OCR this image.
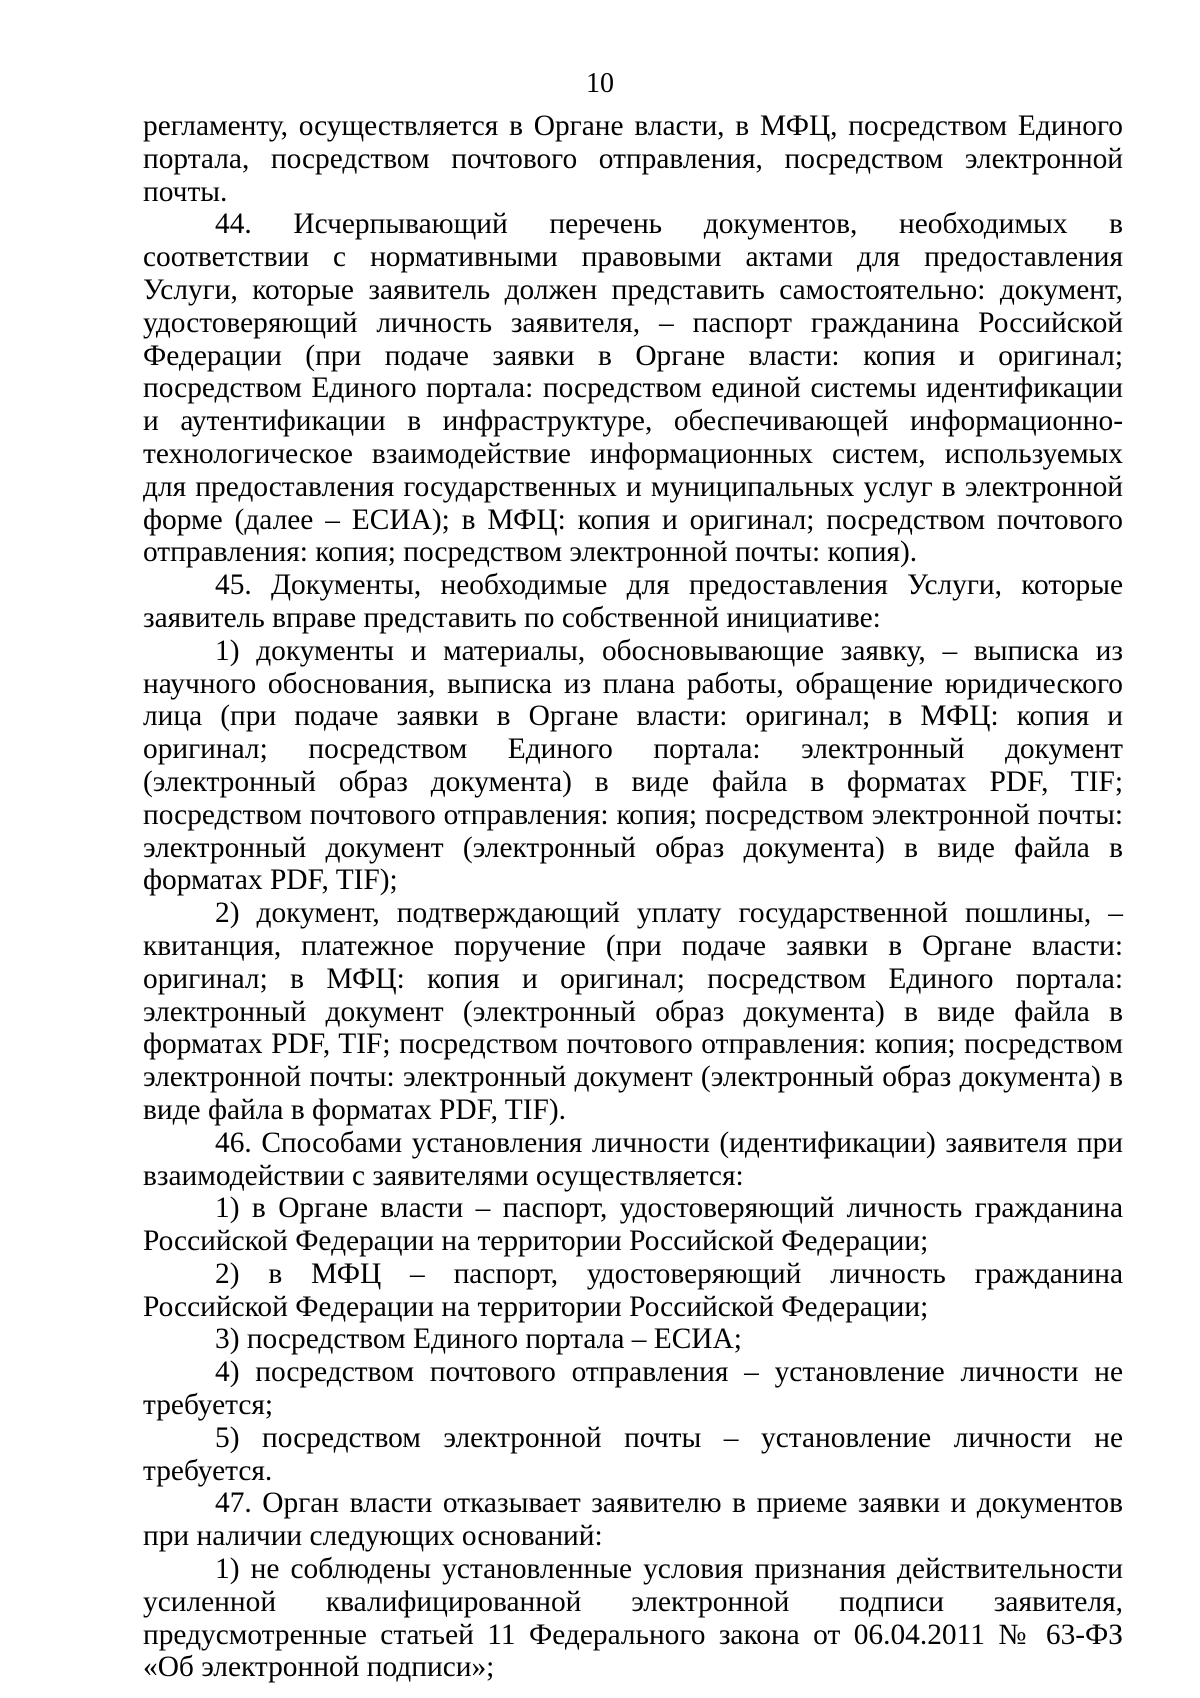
10

регламенту, осуществляется в Органе власти, в МФЦ, посредством Единого портала, посредством почтового отправления, посредством электронной почты.

44. Исчерпывающий перечень документов, необходимых в соответствии с нормативными правовыми актами для предоставления Услуги, которые заявитель должен представить самостоятельно: документ, удостоверяющий личность заявителя, – паспорт гражданина Российской Федерации (при подаче заявки в Органе власти: копия и оригинал; посредством Единого портала: посредством единой системы идентификации и аутентификации в инфраструктуре, обеспечивающей информационно-технологическое взаимодействие информационных систем, используемых для предоставления государственных и муниципальных услуг в электронной форме (далее – ЕСИА); в МФЦ: копия и оригинал; посредством почтового отправления: копия; посредством электронной почты: копия).

45. Документы, необходимые для предоставления Услуги, которые заявитель вправе представить по собственной инициативе:

1) документы и материалы, обосновывающие заявку, – выписка из научного обоснования, выписка из плана работы, обращение юридического лица (при подаче заявки в Органе власти: оригинал; в МФЦ: копия и оригинал; посредством Единого портала: электронный документ (электронный образ документа) в виде файла в форматах PDF, TIF; посредством почтового отправления: копия; посредством электронной почты: электронный документ (электронный образ документа) в виде файла в форматах PDF, TIF);

2) документ, подтверждающий уплату государственной пошлины, – квитанция, платежное поручение (при подаче заявки в Органе власти: оригинал; в МФЦ: копия и оригинал; посредством Единого портала: электронный документ (электронный образ документа) в виде файла в форматах PDF, TIF; посредством почтового отправления: копия; посредством электронной почты: электронный документ (электронный образ документа) в виде файла в форматах PDF, TIF).

46. Способами установления личности (идентификации) заявителя при взаимодействии с заявителями осуществляется:

1) в Органе власти – паспорт, удостоверяющий личность гражданина Российской Федерации на территории Российской Федерации;

2) в МФЦ – паспорт, удостоверяющий личность гражданина Российской Федерации на территории Российской Федерации;

3) посредством Единого портала – ЕСИА;

4) посредством почтового отправления – установление личности не требуется;

5) посредством электронной почты – установление личности не требуется.

47. Орган власти отказывает заявителю в приеме заявки и документов при наличии следующих оснований:

1) не соблюдены установленные условия признания действительности усиленной квалифицированной электронной подписи заявителя, предусмотренные статьей 11 Федерального закона от 06.04.2011 № 63-ФЗ «Об электронной подписи»;
